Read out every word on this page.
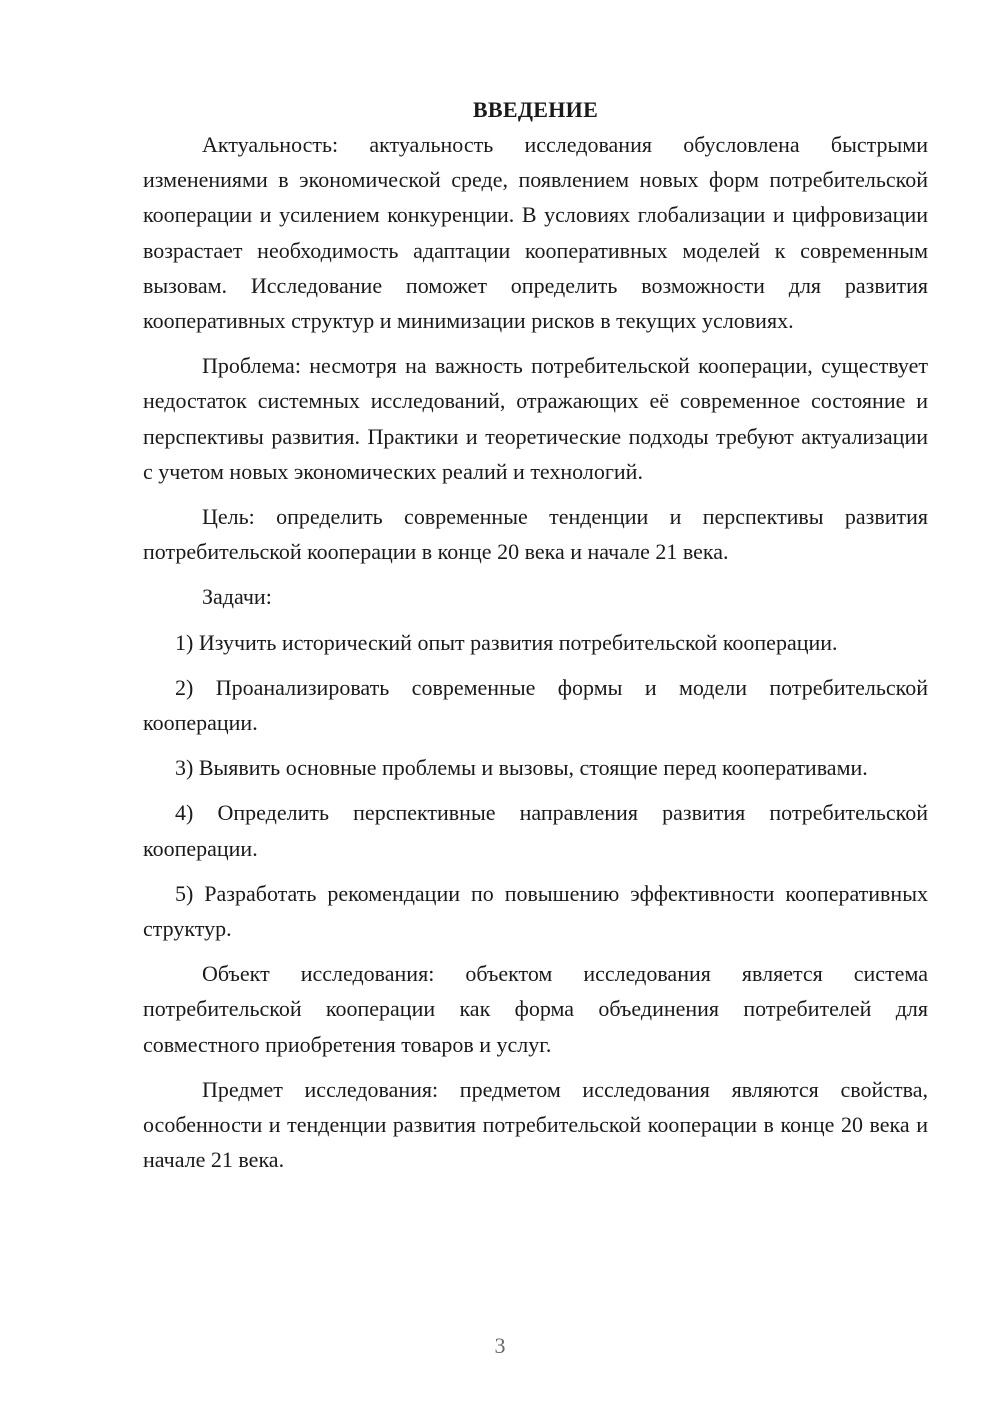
ВВЕДЕНИЕ

Актуальность: актуальность исследования обусловлена быстрыми изменениями в экономической среде, появлением новых форм потребительской кооперации и усилением конкуренции. В условиях глобализации и цифровизации возрастает необходимость адаптации кооперативных моделей к современным вызовам. Исследование поможет определить возможности для развития кооперативных структур и минимизации рисков в текущих условиях.

Проблема: несмотря на важность потребительской кооперации, существует недостаток системных исследований, отражающих её современное состояние и перспективы развития. Практики и теоретические подходы требуют актуализации с учетом новых экономических реалий и технологий.

Цель: определить современные тенденции и перспективы развития потребительской кооперации в конце 20 века и начале 21 века.

Задачи:

1) Изучить исторический опыт развития потребительской кооперации.

2) Проанализировать современные формы и модели потребительской кооперации.

3) Выявить основные проблемы и вызовы, стоящие перед кооперативами.

4) Определить перспективные направления развития потребительской кооперации.

5) Разработать рекомендации по повышению эффективности кооперативных структур.

Объект исследования: объектом исследования является система потребительской кооперации как форма объединения потребителей для совместного приобретения товаров и услуг.

Предмет исследования: предметом исследования являются свойства, особенности и тенденции развития потребительской кооперации в конце 20 века и начале 21 века.

3
